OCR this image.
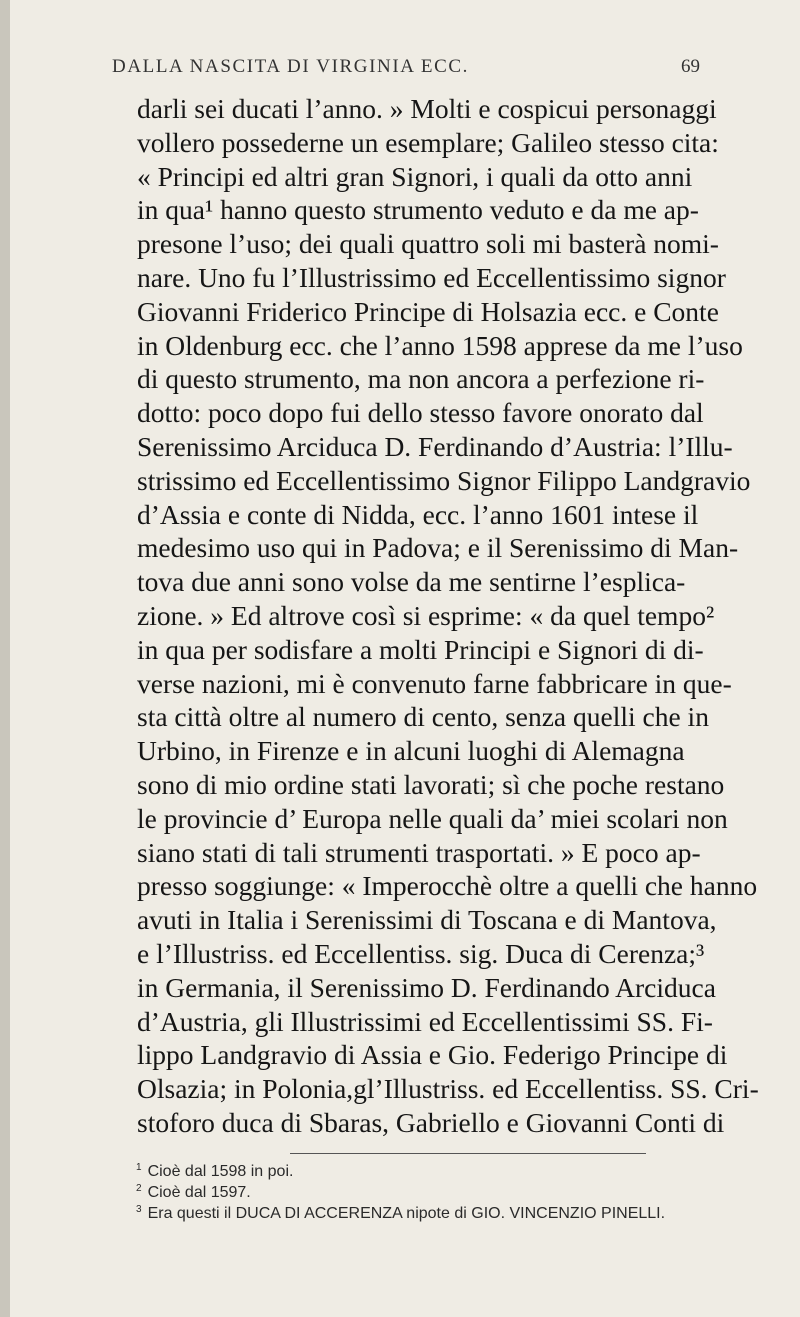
DALLA NASCITA DI VIRGINIA ECC.	69
darli sei ducati l’anno. » Molti e cospicui personaggi
vollero possederne un esemplare; Galileo stesso cita:
« Principi ed altri gran Signori, i quali da otto anni
in qua¹ hanno questo strumento veduto e da me ap-
presone l’uso; dei quali quattro soli mi basterà nomi-
nare. Uno fu l’Illustrissimo ed Eccellentissimo signor
Giovanni Friderico Principe di Holsazia ecc. e Conte
in Oldenburg ecc. che l’anno 1598 apprese da me l’uso
di questo strumento, ma non ancora a perfezione ri-
dotto: poco dopo fui dello stesso favore onorato dal
Serenissimo Arciduca D. Ferdinando d’Austria: l’Illu-
strissimo ed Eccellentissimo Signor Filippo Landgravio
d’Assia e conte di Nidda, ecc. l’anno 1601 intese il
medesimo uso qui in Padova; e il Serenissimo di Man-
tova due anni sono volse da me sentirne l’esplica-
zione. » Ed altrove così si esprime: « da quel tempo²
in qua per sodisfare a molti Principi e Signori di di-
verse nazioni, mi è convenuto farne fabbricare in que-
sta città oltre al numero di cento, senza quelli che in
Urbino, in Firenze e in alcuni luoghi di Alemagna
sono di mio ordine stati lavorati; sì che poche restano
le provincie d’ Europa nelle quali da’ miei scolari non
siano stati di tali strumenti trasportati. » E poco ap-
presso soggiunge: « Imperocchè oltre a quelli che hanno
avuti in Italia i Serenissimi di Toscana e di Mantova,
e l’Illustriss. ed Eccellentiss. sig. Duca di Cerenza;³
in Germania, il Serenissimo D. Ferdinando Arciduca
d’Austria, gli Illustrissimi ed Eccellentissimi SS. Fi-
lippo Landgravio di Assia e Gio. Federigo Principe di
Olsazia; in Polonia,gl’Illustriss. ed Eccellentiss. SS. Cri-
stoforo duca di Sbaras, Gabriello e Giovanni Conti di
$^1$ Cioè dal 1598 in poi.
$^2$ Cioè dal 1597.
$^3$ Era questi il DUCA DI ACCERENZA nipote di GIO. VINCENZIO PINELLI.
